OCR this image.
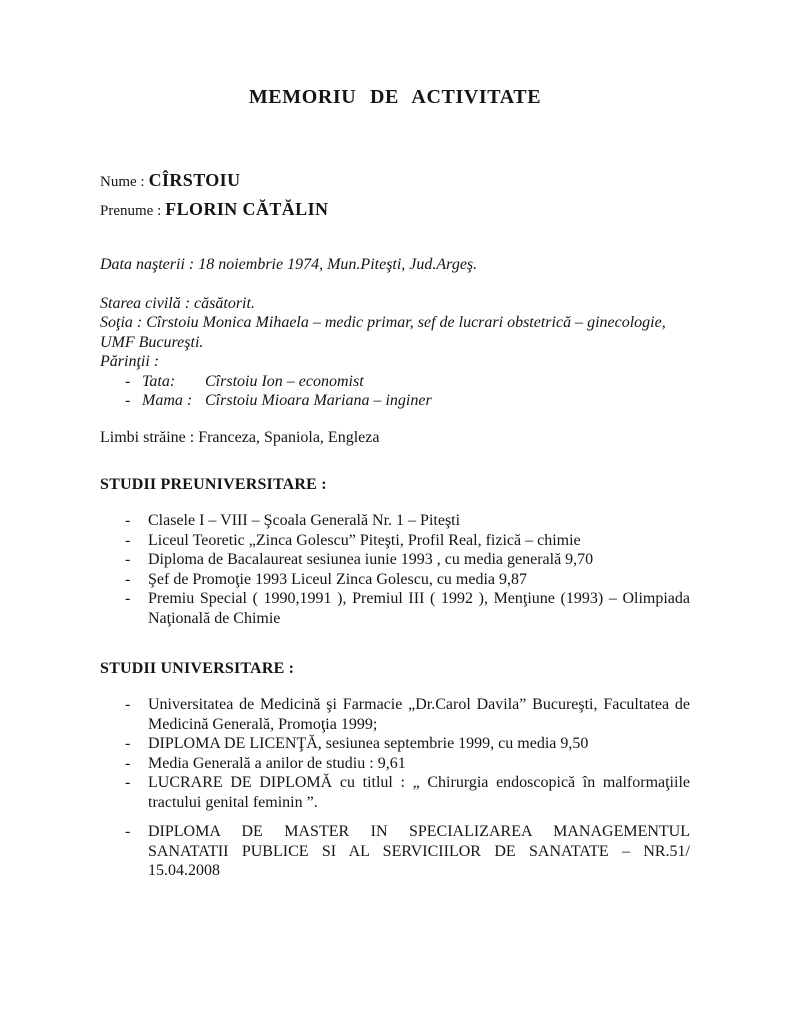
MEMORIU DE ACTIVITATE
Nume : CÎRSTOIU
Prenume : FLORIN CĂTĂLIN

Data naşterii : 18 noiembrie 1974, Mun.Piteşti, Jud.Argeş.

Starea civilă : căsătorit.

Soţia : Cîrstoiu Monica Mihaela – medic primar, sef de lucrari obstetrică – ginecologie, UMF Bucureşti.

Părinţii :

- Tata: Cîrstoiu Ion – economist
- Mama : Cîrstoiu Mioara Mariana – inginer

Limbi străine : Franceza, Spaniola, Engleza

STUDII PREUNIVERSITARE :
- Clasele I – VIII – Şcoala Generală Nr. 1 – Piteşti
- Liceul Teoretic „Zinca Golescu” Piteşti, Profil Real, fizică – chimie
- Diploma de Bacalaureat sesiunea iunie 1993 , cu media generală 9,70
- Şef de Promoţie 1993 Liceul Zinca Golescu, cu media 9,87
- Premiu Special ( 1990,1991 ), Premiul III ( 1992 ), Menţiune (1993) – Olimpiada Naţională de Chimie
STUDII UNIVERSITARE :
- Universitatea de Medicină şi Farmacie „Dr.Carol Davila” Bucureşti, Facultatea de Medicină Generală, Promoţia 1999;
- DIPLOMA DE LICENŢĂ, sesiunea septembrie 1999, cu media 9,50
- Media Generală a anilor de studiu : 9,61
- LUCRARE DE DIPLOMĂ cu titlul : „ Chirurgia endoscopică în malformaţiile tractului genital feminin ”.
- DIPLOMA DE MASTER IN SPECIALIZAREA MANAGEMENTUL SANATATII PUBLICE SI AL SERVICIILOR DE SANATATE – NR.51/ 15.04.2008
